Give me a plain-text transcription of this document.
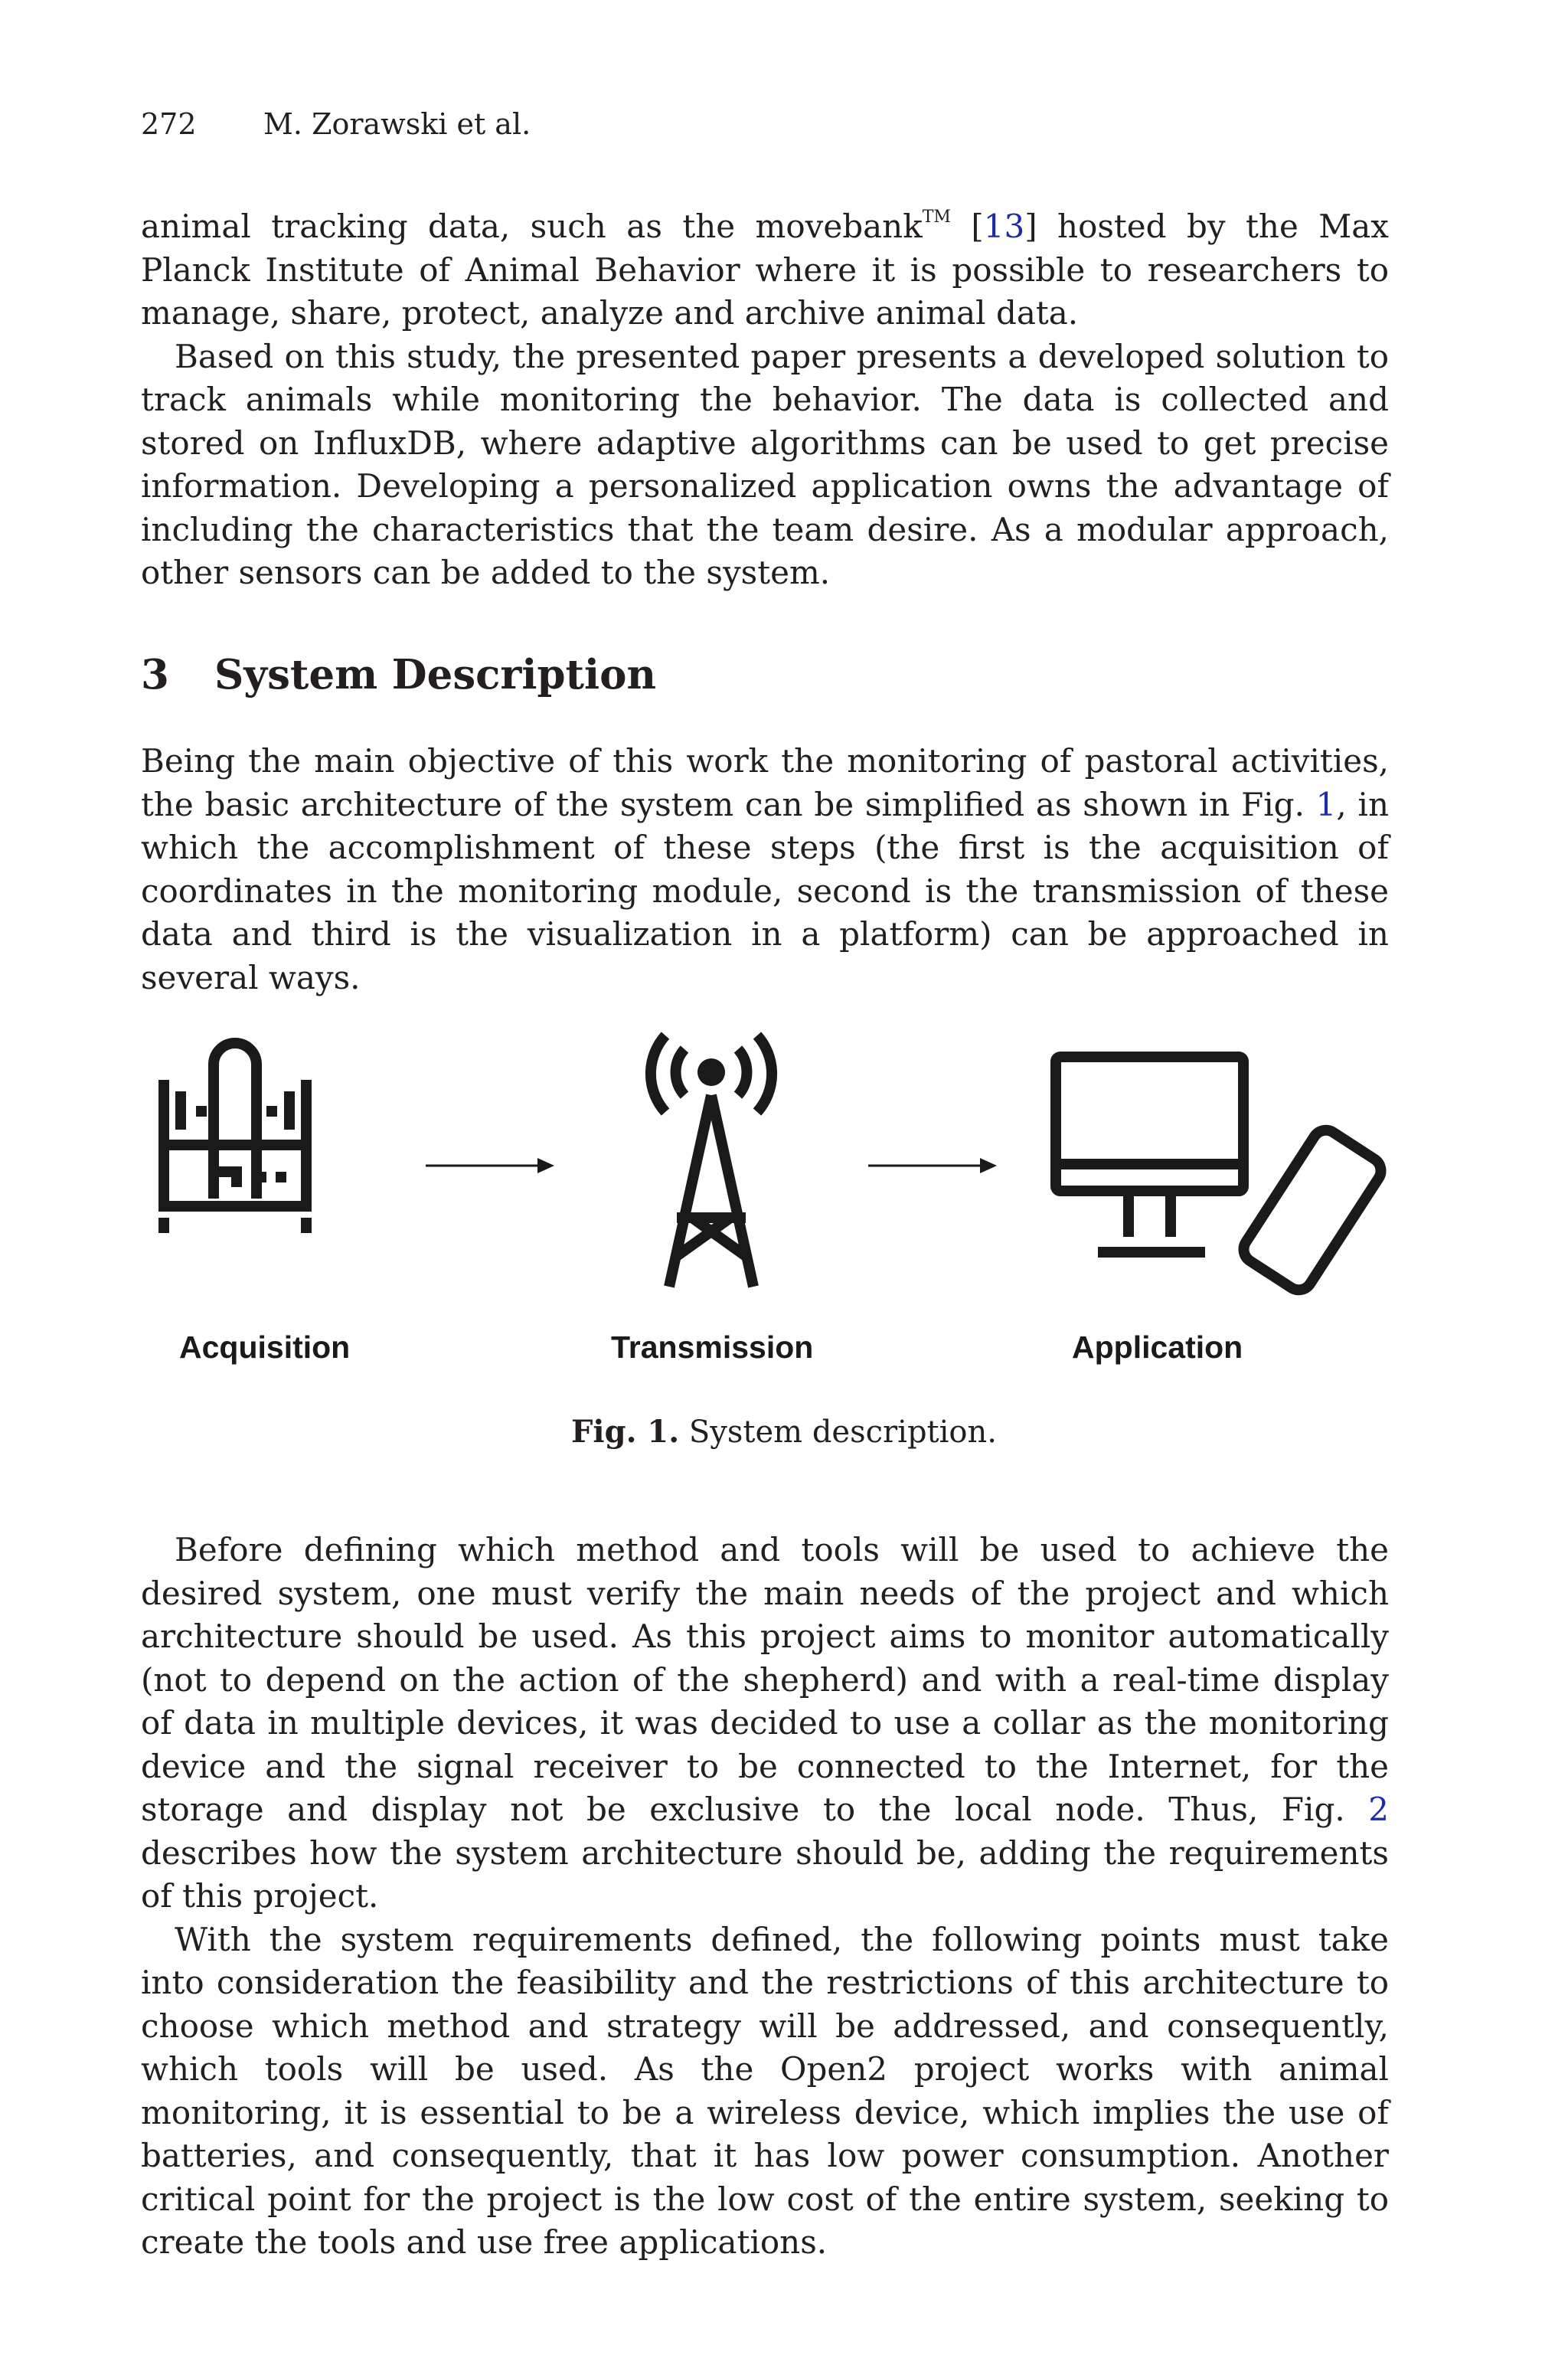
272 M. Zorawski et al.

animal tracking data, such as the movebank™ [13] hosted by the Max Planck Institute of Animal Behavior where it is possible to researchers to manage, share, protect, analyze and archive animal data.

Based on this study, the presented paper presents a developed solution to track animals while monitoring the behavior. The data is collected and stored on InfluxDB, where adaptive algorithms can be used to get precise information. Developing a personalized application owns the advantage of including the characteristics that the team desire. As a modular approach, other sensors can be added to the system.

3 System Description

Being the main objective of this work the monitoring of pastoral activities, the basic architecture of the system can be simplified as shown in Fig. 1, in which the accomplishment of these steps (the first is the acquisition of coordinates in the monitoring module, second is the transmission of these data and third is the visualization in a platform) can be approached in several ways.

Acquisition	Transmission	Application
Fig. 1. System description.

Before defining which method and tools will be used to achieve the desired system, one must verify the main needs of the project and which architecture should be used. As this project aims to monitor automatically (not to depend on the action of the shepherd) and with a real-time display of data in multiple devices, it was decided to use a collar as the monitoring device and the signal receiver to be connected to the Internet, for the storage and display not be exclusive to the local node. Thus, Fig. 2 describes how the system architecture should be, adding the requirements of this project.

With the system requirements defined, the following points must take into consideration the feasibility and the restrictions of this architecture to choose which method and strategy will be addressed, and consequently, which tools will be used. As the Open2 project works with animal monitoring, it is essential to be a wireless device, which implies the use of batteries, and consequently, that it has low power consumption. Another critical point for the project is the low cost of the entire system, seeking to create the tools and use free applications.
